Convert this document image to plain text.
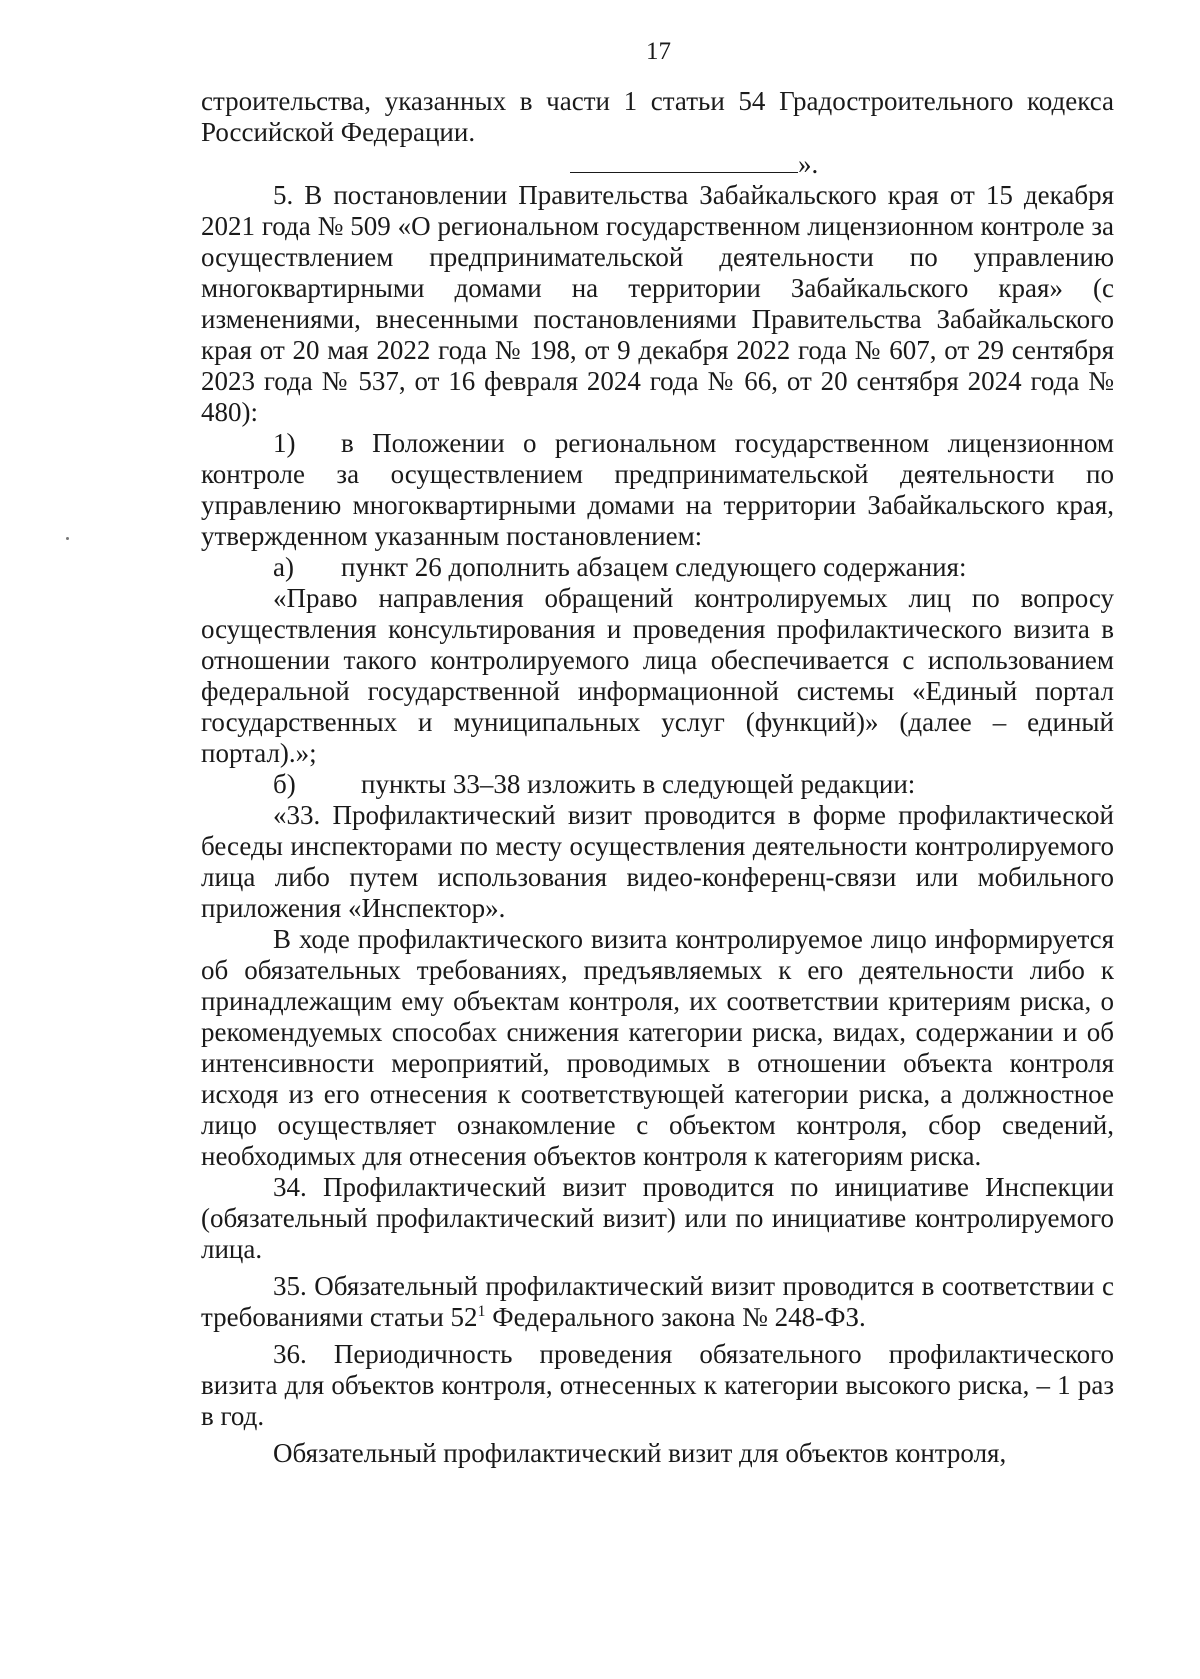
17

строительства, указанных в части 1 статьи 54 Градостроительного кодекса Российской Федерации.

».

5. В постановлении Правительства Забайкальского края от 15 декабря 2021 года № 509 «О региональном государственном лицензионном контроле за осуществлением предпринимательской деятельности по управлению многоквартирными домами на территории Забайкальского края» (с изменениями, внесенными постановлениями Правительства Забайкальского края от 20 мая 2022 года № 198, от 9 декабря 2022 года № 607, от 29 сентября 2023 года № 537, от 16 февраля 2024 года № 66, от 20 сентября 2024 года № 480):

1) в Положении о региональном государственном лицензионном контроле за осуществлением предпринимательской деятельности по управлению многоквартирными домами на территории Забайкальского края, утвержденном указанным постановлением:

а) пункт 26 дополнить абзацем следующего содержания:

«Право направления обращений контролируемых лиц по вопросу осуществления консультирования и проведения профилактического визита в отношении такого контролируемого лица обеспечивается с использованием федеральной государственной информационной системы «Единый портал государственных и муниципальных услуг (функций)» (далее – единый портал).»;

б) пункты 33–38 изложить в следующей редакции:

«33. Профилактический визит проводится в форме профилактической беседы инспекторами по месту осуществления деятельности контролируемого лица либо путем использования видео-конференц-связи или мобильного приложения «Инспектор».

В ходе профилактического визита контролируемое лицо информируется об обязательных требованиях, предъявляемых к его деятельности либо к принадлежащим ему объектам контроля, их соответствии критериям риска, о рекомендуемых способах снижения категории риска, видах, содержании и об интенсивности мероприятий, проводимых в отношении объекта контроля исходя из его отнесения к соответствующей категории риска, а должностное лицо осуществляет ознакомление с объектом контроля, сбор сведений, необходимых для отнесения объектов контроля к категориям риска.

34. Профилактический визит проводится по инициативе Инспекции (обязательный профилактический визит) или по инициативе контролируемого лица.

35. Обязательный профилактический визит проводится в соответствии с требованиями статьи $52^1$ Федерального закона № 248-ФЗ.

36. Периодичность проведения обязательного профилактического визита для объектов контроля, отнесенных к категории высокого риска, – 1 раз в год.

Обязательный профилактический визит для объектов контроля,
